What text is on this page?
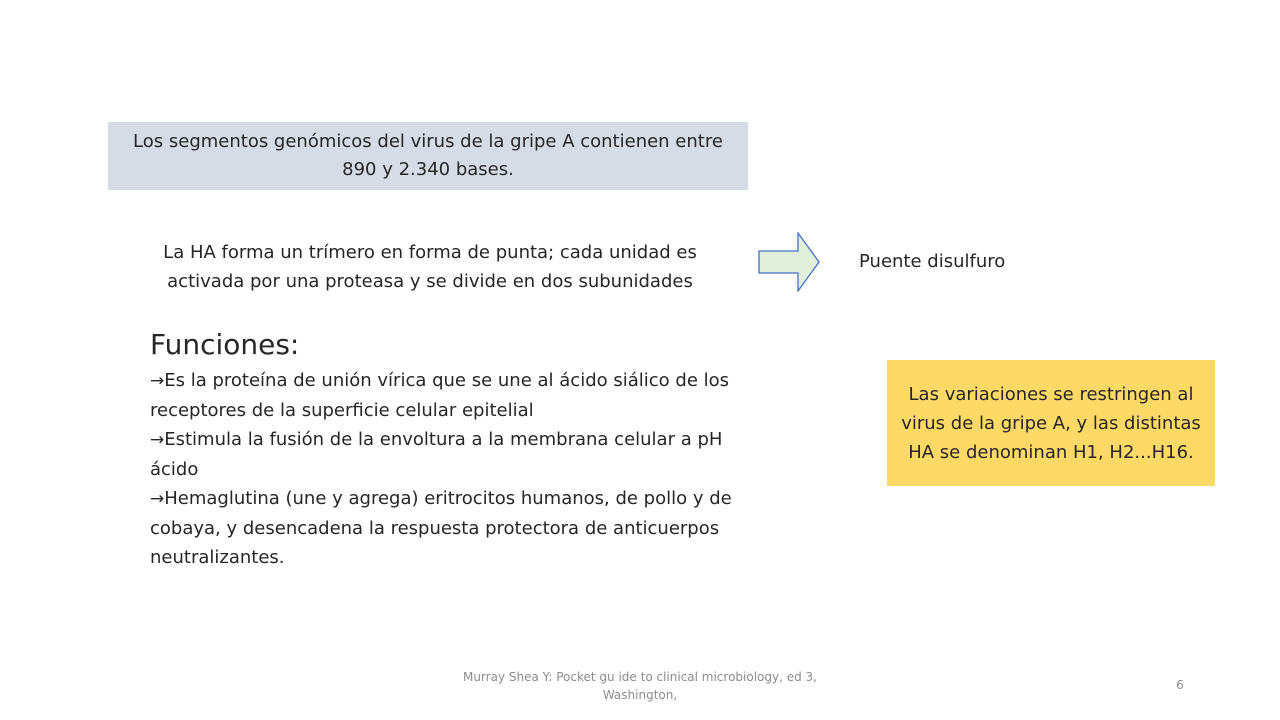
Los segmentos genómicos del virus de la gripe A contienen entre 890 y 2.340 bases.
La HA forma un trímero en forma de punta; cada unidad es activada por una proteasa y se divide en dos subunidades
Puente disulfuro
Funciones:

→Es la proteína de unión vírica que se une al ácido siálico de los receptores de la superficie celular epitelial

→Estimula la fusión de la envoltura a la membrana celular a pH ácido

→Hemaglutina (une y agrega) eritrocitos humanos, de pollo y de cobaya, y desencadena la respuesta protectora de anticuerpos neutralizantes.

Las variaciones se restringen al virus de la gripe A, y las distintas HA se denominan H1, H2...H16.
Murray Shea Y: Pocket gu ide to clinical microbiology, ed 3, Washington,
6
